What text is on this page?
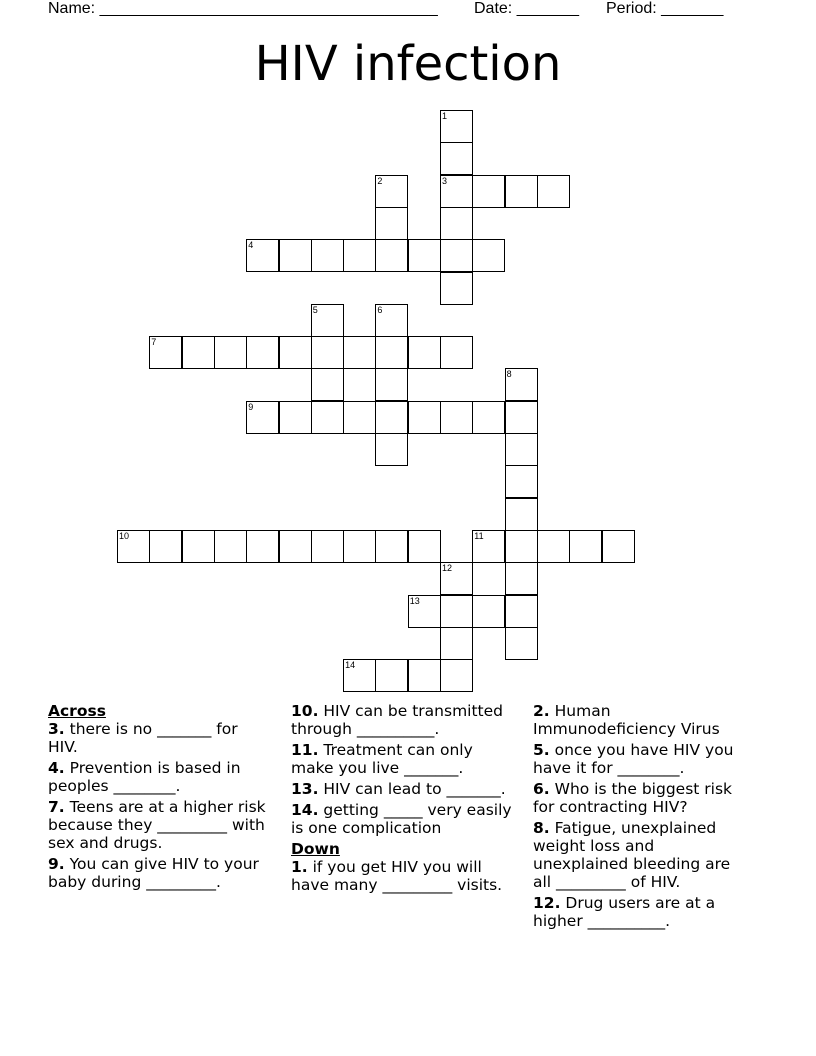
Name: ______________________________________

Date: _______

Period: _______

HIV infection
3
4
7
9
10	11
13
14
1
2
5	6
8
12
Across
3. there is no _______ for HIV.
4. Prevention is based in peoples ________.
7. Teens are at a higher risk because they _________ with sex and drugs.
9. You can give HIV to your baby during _________.
10. HIV can be transmitted through __________.
11. Treatment can only make you live _______.
13. HIV can lead to _______.
14. getting _____ very easily is one complication
Down
1. if you get HIV you will have many _________ visits.
2. Human Immunodeficiency Virus
5. once you have HIV you have it for ________.
6. Who is the biggest risk for contracting HIV?
8. Fatigue, unexplained weight loss and unexplained bleeding are all _________ of HIV.
12. Drug users are at a higher __________.
